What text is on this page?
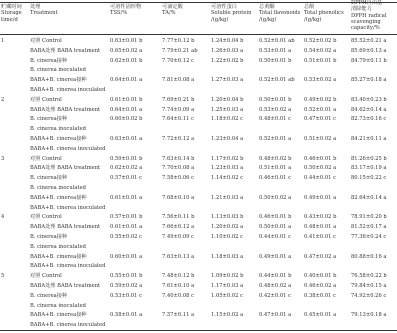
贮藏时间
Storage
time/d
处理
Treatment
可溶性固形物
TSS/%
可滴定酸
TA/%
可溶性蛋白
Soluble protein
/(g/kg)
总黄酮
Total flavonoids
/(g/kg)
总酚
Total phenolics
/(g/kg)
DPPH自由基
清除能力
DPPH radical
scavenging
capacity/%
1	对照 Control	0.63±0.01 b	7.77±0.12 b	1.24±0.04 b	0.52±0.01 ab	0.52±0.02 b	85.52±0.21 a
BABA处理 BABA treatment 0.65±0.02 a	7.79±0.21 ab	1.26±0.03 a	0.53±0.01 a	0.54±0.02 a	85.69±0.13 a
B. cinerea接种	0.62±0.01 b	7.70±0.12 c	1.22±0.02 b	0.50±0.01 b	0.51±0.01 b	84.79±0.11 b
B. cinerea inoculated
BABA+B. cinerea接种	0.64±0.01 a	7.81±0.08 a	1.27±0.03 a	0.52±0.01 ab	0.53±0.02 a	85.27±0.18 a
BABA+B. cinerea inoculated
2	对照 Control	0.61±0.01 b	7.69±0.21 b	1.20±0.04 b	0.50±0.01 b	0.49±0.02 b	83.40±0.23 b
BABA处理 BABA treatment 0.64±0.01 a	7.74±0.09 a	1.25±0.03 a	0.53±0.02 a	0.52±0.01 a	84.62±0.14 a
B. cinerea接种	0.60±0.02 b	7.64±0.11 c	1.18±0.02 c	0.48±0.01 c	0.47±0.01 c	82.73±0.16 c
B. cinerea inoculated
BABA+B. cinerea接种	0.63±0.01 a	7.72±0.12 a	1.23±0.04 a	0.52±0.01 a	0.51±0.02 a	84.21±0.11 a
BABA+B. cinerea inoculated
3	对照 Control	0.59±0.01 b	7.63±0.14 b	1.17±0.02 b	0.48±0.02 b	0.46±0.01 b	81.26±0.25 b
BABA处理 BABA treatment 0.62±0.02 a	7.70±0.08 a	1.23±0.03 a	0.51±0.01 a	0.50±0.02 a	83.17±0.19 a
B. cinerea接种	0.57±0.01 c	7.58±0.06 c	1.14±0.02 c	0.46±0.01 c	0.44±0.01 c	80.15±0.22 c
B. cinerea inoculated
BABA+B. cinerea接种	0.61±0.01 a	7.68±0.10 a	1.21±0.03 a	0.50±0.02 a	0.49±0.01 a	82.64±0.14 a
BABA+B. cinerea inoculated
4	对照 Control	0.57±0.01 b	7.56±0.11 b	1.13±0.03 b	0.46±0.01 b	0.43±0.02 b	78.91±0.20 b
BABA处理 BABA treatment 0.61±0.01 a	7.66±0.12 a	1.20±0.02 a	0.50±0.01 a	0.48±0.01 a	81.52±0.17 a
B. cinerea接种	0.55±0.02 c	7.49±0.09 c	1.10±0.02 c	0.44±0.01 c	0.41±0.01 c	77.36±0.24 c
B. cinerea inoculated
BABA+B. cinerea接种	0.60±0.01 a	7.63±0.13 a	1.18±0.03 a	0.49±0.01 a	0.47±0.02 a	80.88±0.16 a
BABA+B. cinerea inoculated
5	对照 Control	0.55±0.01 b	7.48±0.12 b	1.09±0.02 b	0.44±0.01 b	0.40±0.01 b	76.58±0.22 b
BABA处理 BABA treatment 0.59±0.02 a	7.61±0.10 a	1.17±0.03 a	0.48±0.02 a	0.46±0.02 a	79.84±0.15 a
B. cinerea接种	0.53±0.01 c	7.40±0.08 c	1.05±0.02 c	0.42±0.01 c	0.38±0.01 c	74.92±0.26 c
B. cinerea inoculated
BABA+B. cinerea接种	0.58±0.01 a	7.57±0.11 a	1.15±0.02 a	0.47±0.01 a	0.45±0.01 a	79.13±0.18 a
BABA+B. cinerea inoculated
